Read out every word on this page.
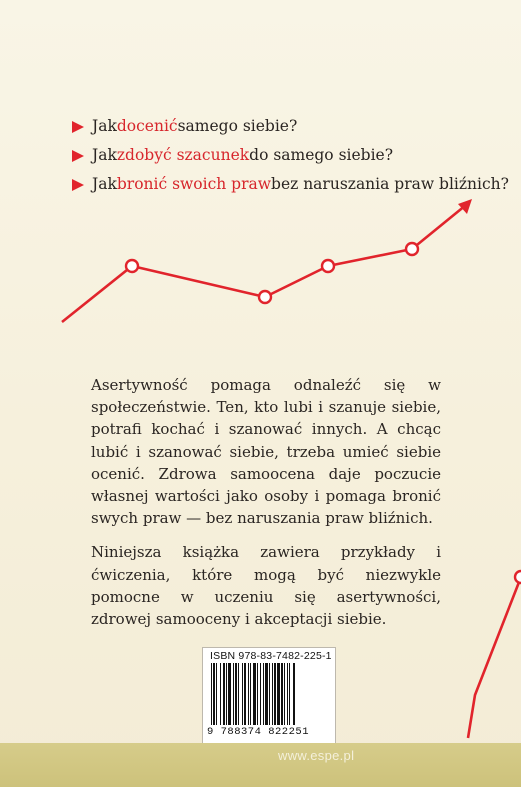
Jak docenić samego siebie?
Jak zdobyć szacunek do samego siebie?
Jak bronić swoich praw bez naruszania praw bliźnich?

Asertywność pomaga odnaleźć się w społeczeństwie. Ten, kto lubi i szanuje siebie, potrafi kochać i szanować innych. A chcąc lubić i szanować siebie, trzeba umieć siebie ocenić. Zdrowa samoocena daje poczucie własnej wartości jako osoby i pomaga bronić swych praw — bez naruszania praw bliźnich.

Niniejsza książka zawiera przykłady i ćwiczenia, które mogą być niezwykle pomocne w uczeniu się asertywności, zdrowej samooceny i akceptacji siebie.

ISBN 978-83-7482-225-1
9 788374 822251
www.espe.pl
